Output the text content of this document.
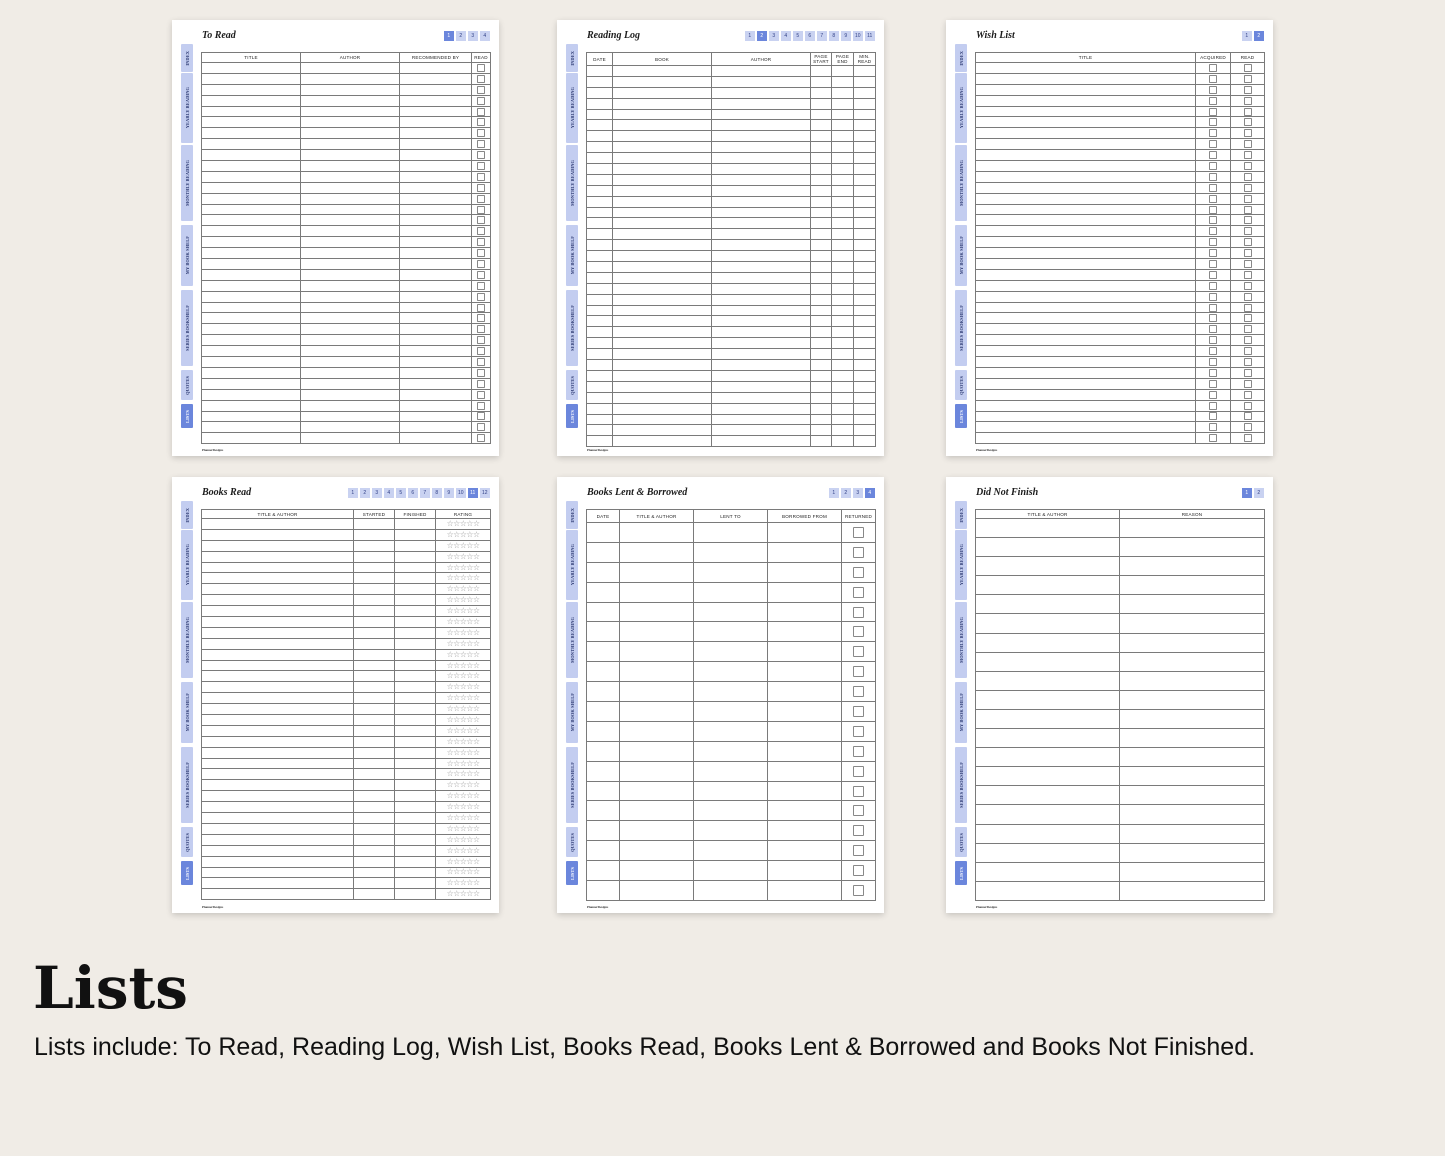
INDEX
YEARLY READING
MONTHLY READING
MY BOOK SHELF
SERIES BOOKSHELF
QUOTES
LISTS
To Read	1	2	3	4
TITLE	AUTHOR	RECOMMENDED BY	READ

PlannerDesigns
INDEX
YEARLY READING
MONTHLY READING
MY BOOK SHELF
SERIES BOOKSHELF
QUOTES
LISTS
Reading Log	1	2	3	4	5	6	7	8	9	10	11
DATE	BOOK	AUTHOR	PAGE START	PAGE END	MIN. READ

PlannerDesigns
INDEX
YEARLY READING
MONTHLY READING
MY BOOK SHELF
SERIES BOOKSHELF
QUOTES
LISTS
Wish List	1	2
TITLE	ACQUIRED	READ

PlannerDesigns
INDEX
YEARLY READING
MONTHLY READING
MY BOOK SHELF
SERIES BOOKSHELF
QUOTES
LISTS
Books Read	1	2	3	4	5	6	7	8	9	10	11	12
TITLE & AUTHOR	STARTED	FINISHED	RATING
			☆☆☆☆☆
			☆☆☆☆☆
			☆☆☆☆☆
			☆☆☆☆☆
			☆☆☆☆☆
			☆☆☆☆☆
			☆☆☆☆☆
			☆☆☆☆☆
			☆☆☆☆☆
			☆☆☆☆☆
			☆☆☆☆☆
			☆☆☆☆☆
			☆☆☆☆☆
			☆☆☆☆☆
			☆☆☆☆☆
			☆☆☆☆☆
			☆☆☆☆☆
			☆☆☆☆☆
			☆☆☆☆☆
			☆☆☆☆☆
			☆☆☆☆☆
			☆☆☆☆☆
			☆☆☆☆☆
			☆☆☆☆☆
			☆☆☆☆☆
			☆☆☆☆☆
			☆☆☆☆☆
			☆☆☆☆☆
			☆☆☆☆☆
			☆☆☆☆☆
			☆☆☆☆☆
			☆☆☆☆☆
			☆☆☆☆☆
			☆☆☆☆☆
			☆☆☆☆☆
PlannerDesigns
INDEX
YEARLY READING
MONTHLY READING
MY BOOK SHELF
SERIES BOOKSHELF
QUOTES
LISTS
Books Lent & Borrowed	1	2	3	4
DATE	TITLE & AUTHOR	LENT TO	BORROWED FROM	RETURNED

PlannerDesigns
INDEX
YEARLY READING
MONTHLY READING
MY BOOK SHELF
SERIES BOOKSHELF
QUOTES
LISTS
Did Not Finish	1	2
TITLE & AUTHOR	REASON

PlannerDesigns
Lists
Lists include: To Read, Reading Log, Wish List, Books Read, Books Lent & Borrowed and Books Not Finished.
